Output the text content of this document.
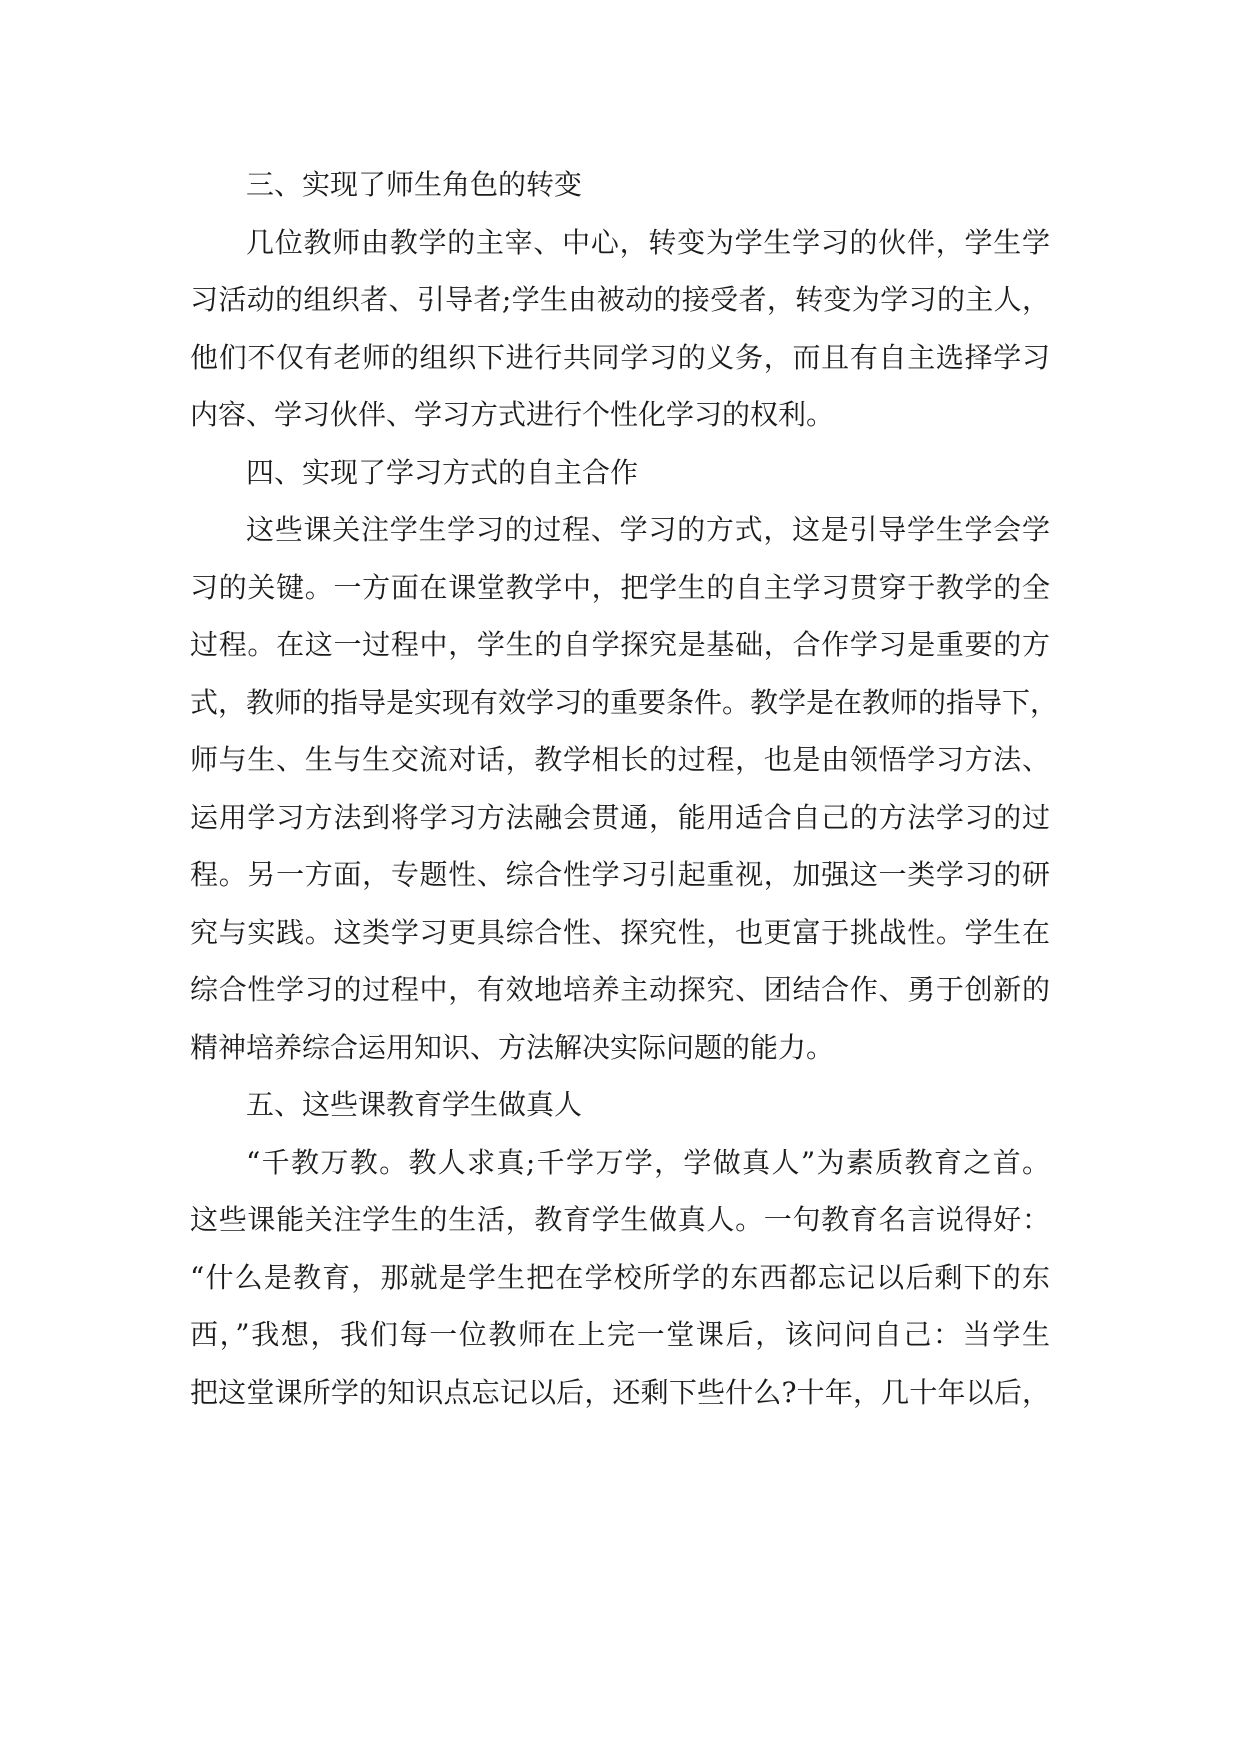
三、实现了师生角色的转变
几位教师由教学的主宰、中心，转变为学生学习的伙伴，学生学
习活动的组织者、引导者;学生由被动的接受者，转变为学习的主人，
他们不仅有老师的组织下进行共同学习的义务，而且有自主选择学习
内容、学习伙伴、学习方式进行个性化学习的权利。
四、实现了学习方式的自主合作
这些课关注学生学习的过程、学习的方式，这是引导学生学会学
习的关键。一方面在课堂教学中，把学生的自主学习贯穿于教学的全
过程。在这一过程中，学生的自学探究是基础，合作学习是重要的方
式，教师的指导是实现有效学习的重要条件。教学是在教师的指导下，
师与生、生与生交流对话，教学相长的过程，也是由领悟学习方法、
运用学习方法到将学习方法融会贯通，能用适合自己的方法学习的过
程。另一方面，专题性、综合性学习引起重视，加强这一类学习的研
究与实践。这类学习更具综合性、探究性，也更富于挑战性。学生在
综合性学习的过程中，有效地培养主动探究、团结合作、勇于创新的
精神培养综合运用知识、方法解决实际问题的能力。
五、这些课教育学生做真人
“千教万教。教人求真;千学万学，学做真人”为素质教育之首。
这些课能关注学生的生活，教育学生做真人。一句教育名言说得好：
“什么是教育，那就是学生把在学校所学的东西都忘记以后剩下的东
西，”我想，我们每一位教师在上完一堂课后，该问问自己：当学生
把这堂课所学的知识点忘记以后，还剩下些什么?十年，几十年以后，
